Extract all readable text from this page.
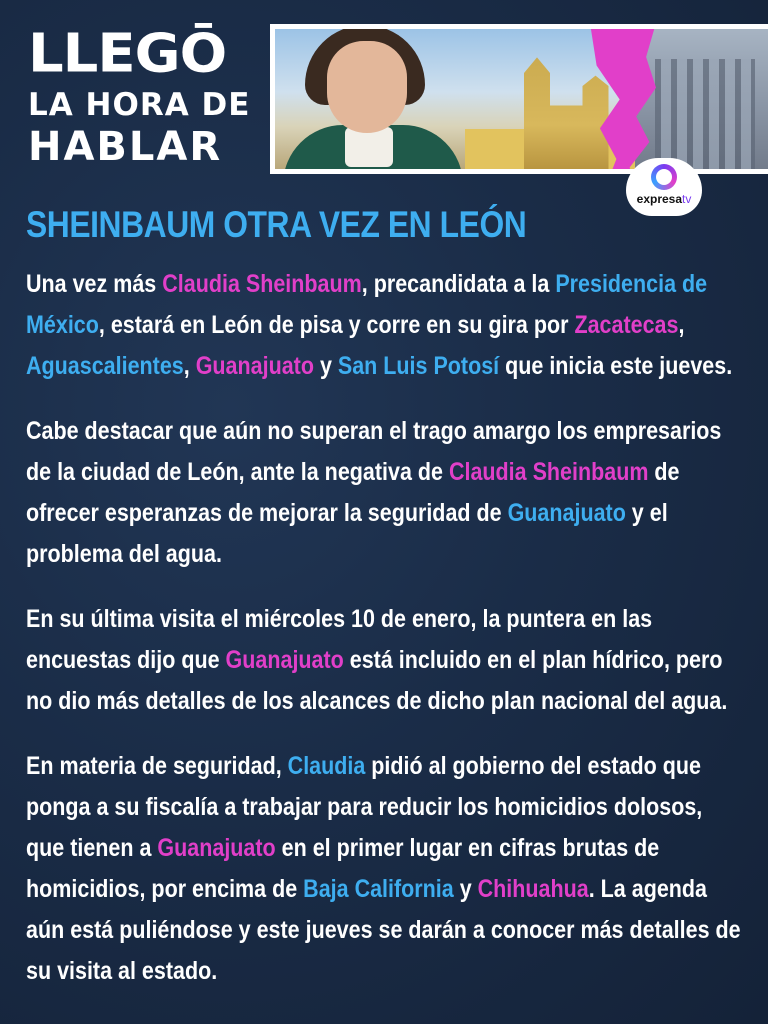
LLEGŌ
LA HORA DE
HABLAR
expresatv
SHEINBAUM OTRA VEZ EN LEÓN

Una vez más Claudia Sheinbaum, precandidata a la Presidencia de México, estará en León de pisa y corre en su gira por Zacatecas, Aguascalientes, Guanajuato y San Luis Potosí que inicia este jueves.

Cabe destacar que aún no superan el trago amargo los empresarios de la ciudad de León, ante la negativa de Claudia Sheinbaum de ofrecer esperanzas de mejorar la seguridad de Guanajuato y el problema del agua.

En su última visita el miércoles 10 de enero, la puntera en las encuestas dijo que Guanajuato está incluido en el plan hídrico, pero no dio más detalles de los alcances de dicho plan nacional del agua.

En materia de seguridad, Claudia pidió al gobierno del estado que ponga a su fiscalía a trabajar para reducir los homicidios dolosos, que tienen a Guanajuato en el primer lugar en cifras brutas de homicidios, por encima de Baja California y Chihuahua. La agenda aún está puliéndose y este jueves se darán a conocer más detalles de su visita al estado.
